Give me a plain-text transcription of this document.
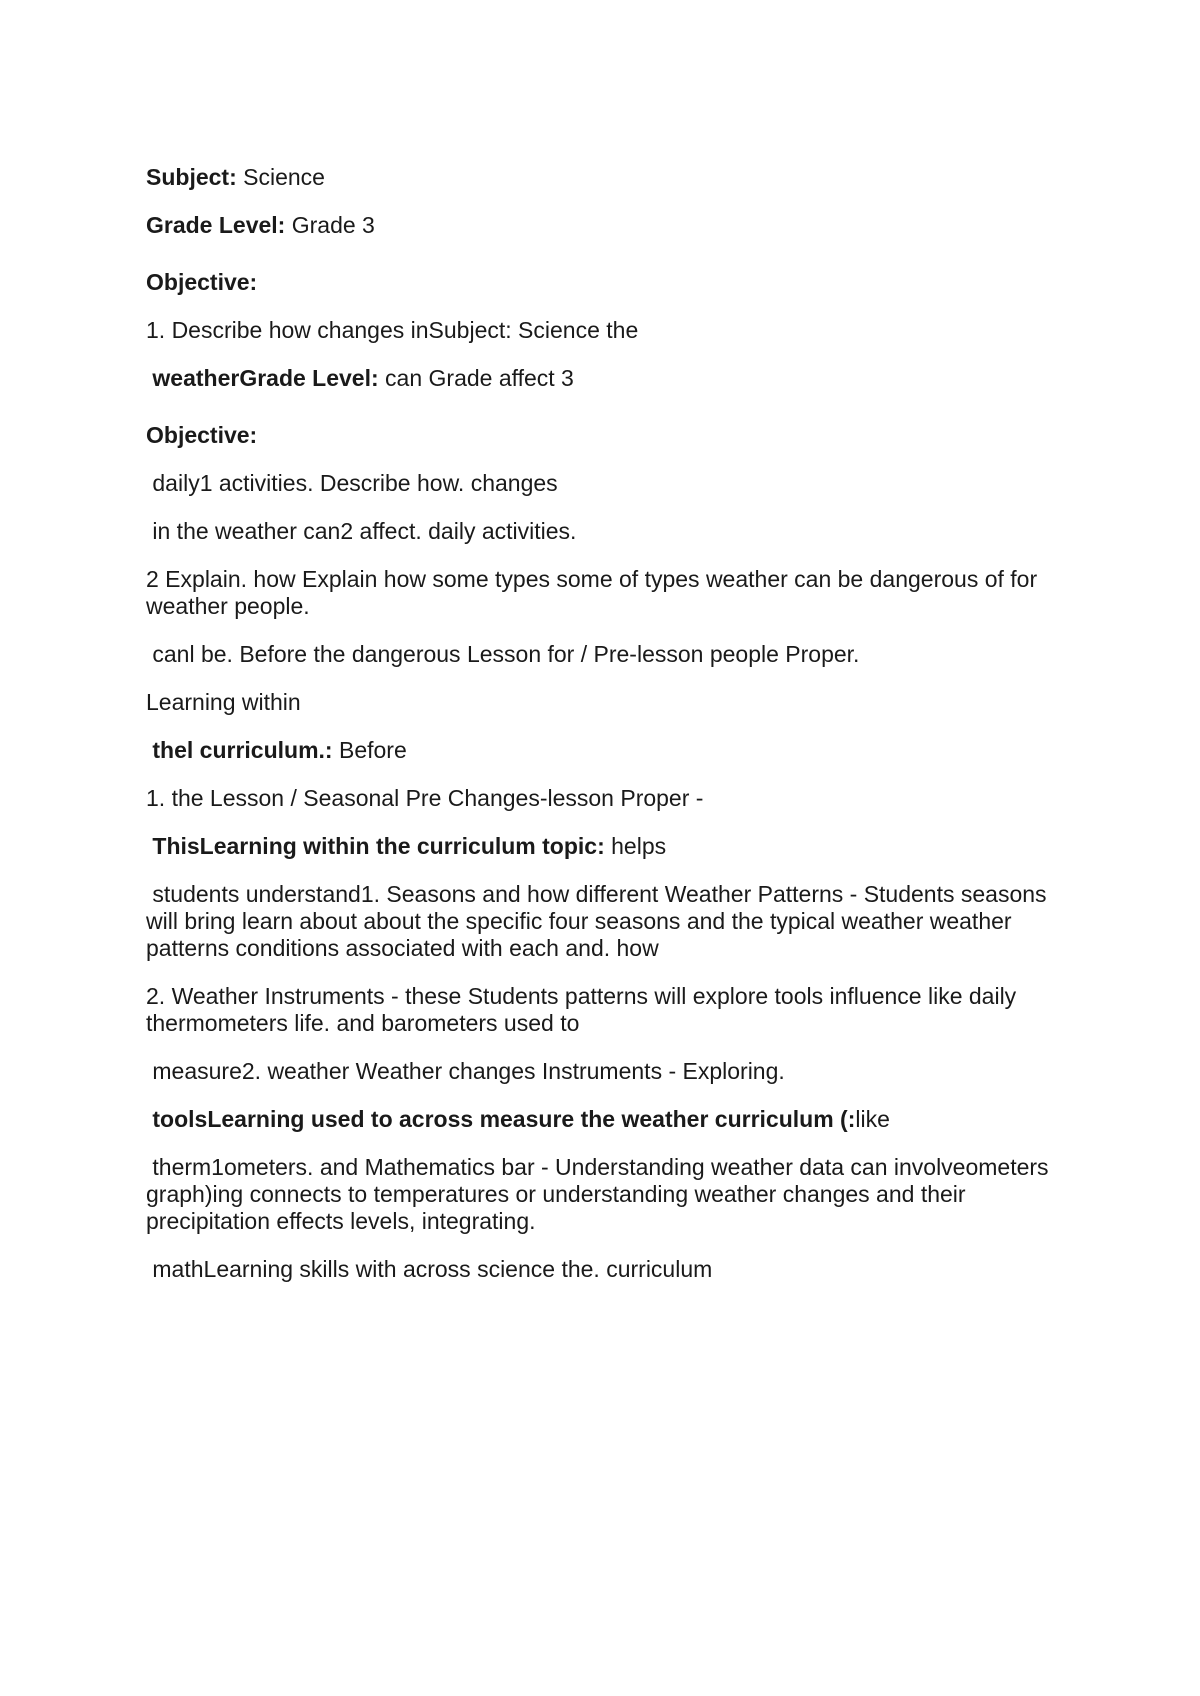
Subject: Science

Grade Level: Grade 3

Objective:

1. Describe how changes inSubject: Science the

weatherGrade Level: can Grade affect 3

Objective:

daily1 activities. Describe how. changes

in the weather can2 affect. daily activities.

2 Explain. how Explain how some types some of types weather can be dangerous of for weather people.

canl be. Before the dangerous Lesson for / Pre-lesson people Proper.

Learning within

thel curriculum.: Before

1. the Lesson / Seasonal Pre Changes-lesson Proper -

ThisLearning within the curriculum topic: helps

students understand1. Seasons and how different Weather Patterns - Students seasons will bring learn about about the specific four seasons and the typical weather weather patterns conditions associated with each and. how

2. Weather Instruments - these Students patterns will explore tools influence like daily thermometers life. and barometers used to

measure2. weather Weather changes Instruments - Exploring.

toolsLearning used to across measure the weather curriculum (:like

therm1ometers. and Mathematics bar - Understanding weather data can involveometers graph)ing connects to temperatures or understanding weather changes and their precipitation effects levels, integrating.

mathLearning skills with across science the. curriculum
